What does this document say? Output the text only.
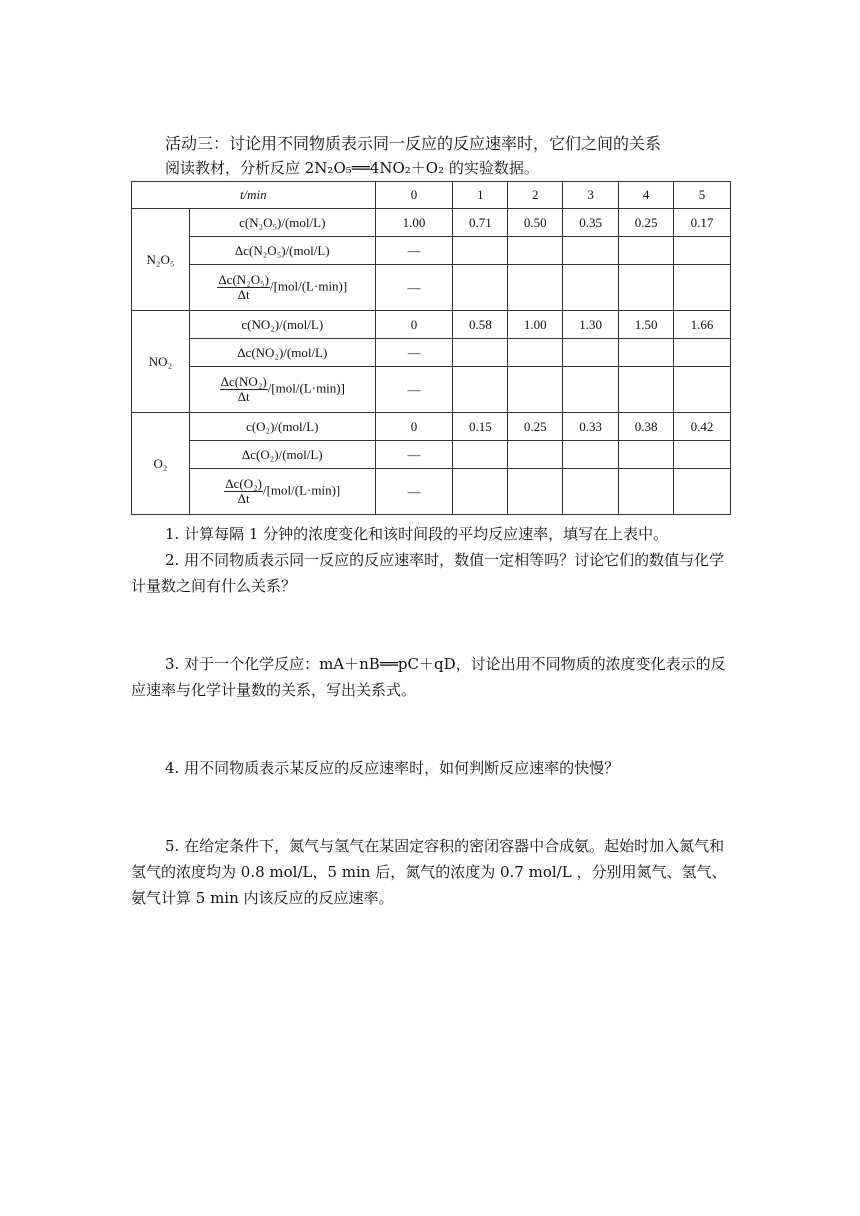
活动三：讨论用不同物质表示同一反应的反应速率时，它们之间的关系
阅读教材，分析反应 2N₂O₅══4NO₂＋O₂ 的实验数据。
t/min		0	1	2	3	4	5
N₂O₅	c(N₂O₅)/(mol/L)	1.00	0.71	0.50	0.35	0.25	0.17
	Δc(N₂O₅)/(mol/L)	—					

	$\frac{\text{Δc(N₂O₅)}}{\Delta t} /[mol/(L\cdot\min)]$	—					
NO₂	c(NO₂)/(mol/L)	0	0.58	1.00	1.30	1.50	1.66
	Δc(NO₂)/(mol/L)	—					

	$\frac{\text{Δc(NO₂)}}{\Delta t} /[mol/(L\cdot\min)]$	—					
O₂	c(O₂)/(mol/L)	0	0.15	0.25	0.33	0.38	0.42
	Δc(O₂)/(mol/L)	—					

	$\frac{\text{Δc(O₂)}}{\Delta t} /[mol/(L\cdot\min)]$	—					

1. 计算每隔 1 分钟的浓度变化和该时间段的平均反应速率，填写在上表中。

2. 用不同物质表示同一反应的反应速率时，数值一定相等吗？讨论它们的数值与化学计量数之间有什么关系？

3. 对于一个化学反应：mA＋nB══pC＋qD，讨论出用不同物质的浓度变化表示的反应速率与化学计量数的关系，写出关系式。

4. 用不同物质表示某反应的反应速率时，如何判断反应速率的快慢？

5. 在给定条件下，氮气与氢气在某固定容积的密闭容器中合成氨。起始时加入氮气和氢气的浓度均为 0.8 mol/L，5 min 后，氮气的浓度为 0.7 mol/L ，分别用氮气、氢气、氨气计算 5 min 内该反应的反应速率。
